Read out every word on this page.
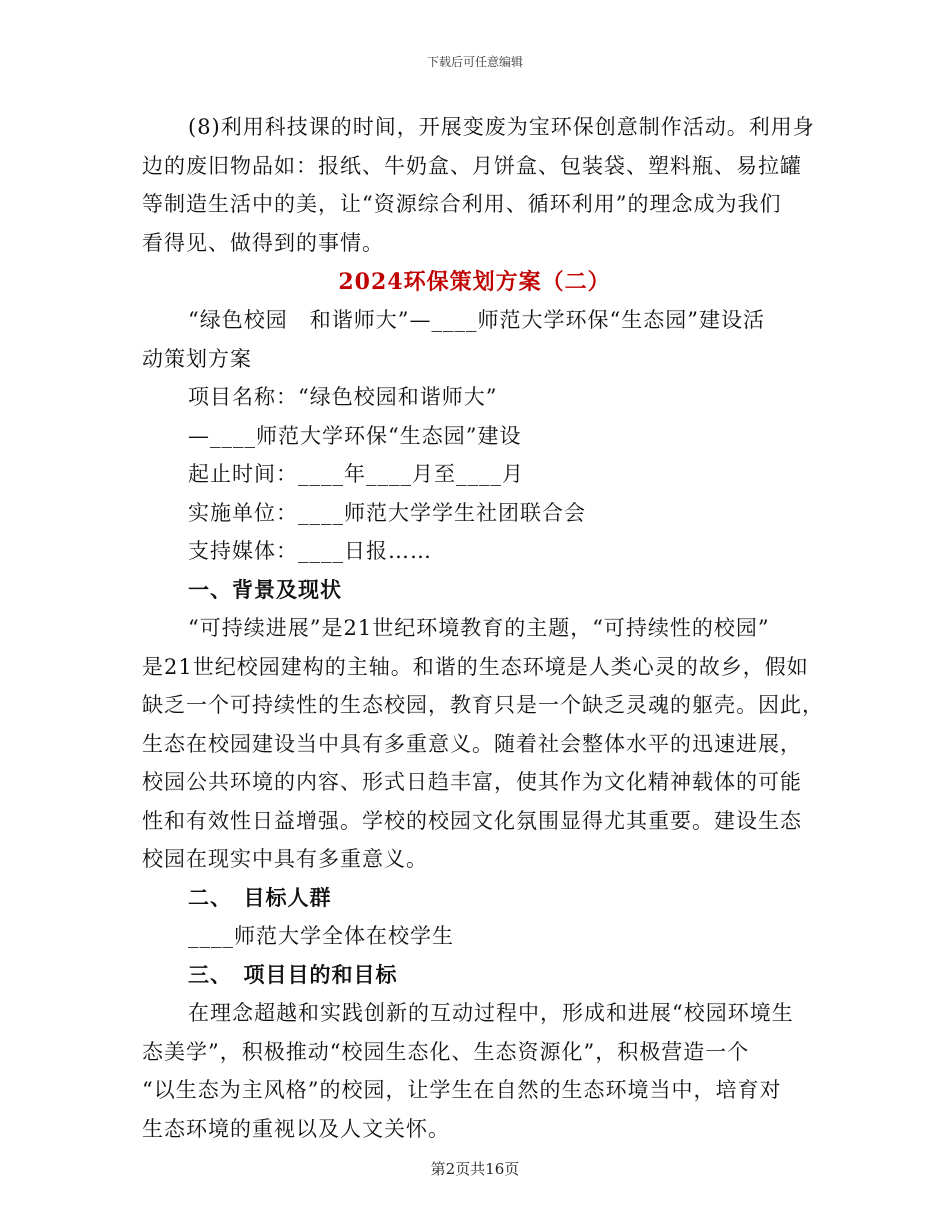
下载后可任意编辑

(8)利用科技课的时间，开展变废为宝环保创意制作活动。利用身

边的废旧物品如：报纸、牛奶盒、月饼盒、包装袋、塑料瓶、易拉罐

等制造生活中的美，让“资源综合利用、循环利用”的理念成为我们

看得见、做得到的事情。

2024环保策划方案（二）

“绿色校园　和谐师大”—____师范大学环保“生态园”建设活

动策划方案

项目名称：“绿色校园和谐师大”

—____师范大学环保“生态园”建设

起止时间：____年____月至____月

实施单位：____师范大学学生社团联合会

支持媒体：____日报……

一、背景及现状

“可持续进展”是21世纪环境教育的主题，“可持续性的校园”

是21世纪校园建构的主轴。和谐的生态环境是人类心灵的故乡，假如

缺乏一个可持续性的生态校园，教育只是一个缺乏灵魂的躯壳。因此，

生态在校园建设当中具有多重意义。随着社会整体水平的迅速进展，

校园公共环境的内容、形式日趋丰富，使其作为文化精神载体的可能

性和有效性日益增强。学校的校园文化氛围显得尤其重要。建设生态

校园在现实中具有多重意义。

二、　目标人群

____师范大学全体在校学生

三、　项目目的和目标

在理念超越和实践创新的互动过程中，形成和进展“校园环境生

态美学”，积极推动“校园生态化、生态资源化”，积极营造一个

“以生态为主风格”的校园，让学生在自然的生态环境当中，培育对

生态环境的重视以及人文关怀。

第2页共16页
